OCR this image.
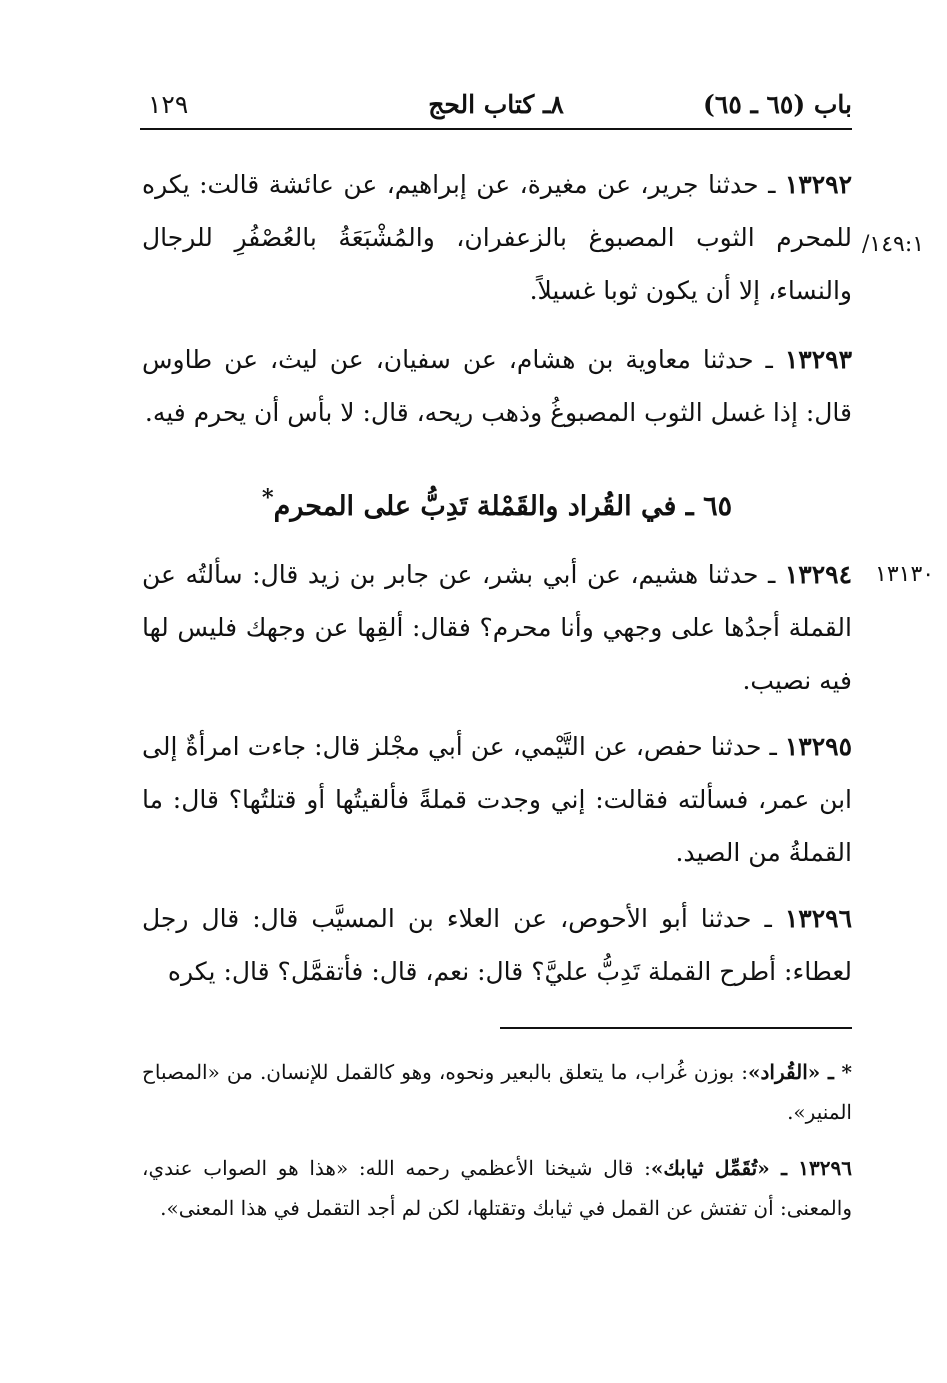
باب (٦٥ ـ ٦٥)
٨ـ كتاب الحج
١٢٩
١٤٩:١/
١٣١٣٠
١٣٢٩٢ ـ حدثنا جرير، عن مغيرة، عن إبراهيم، عن عائشة قالت: يكره للمحرم الثوب المصبوغ بالزعفران، والمُشْبَعَةُ بالعُصْفُرِ للرجال والنساء، إلا أن يكون ثوبا غسيلاً.
١٣٢٩٣ ـ حدثنا معاوية بن هشام، عن سفيان، عن ليث، عن طاوس قال: إذا غسل الثوب المصبوغُ وذهب ريحه، قال: لا بأس أن يحرم فيه.
٦٥ ـ في القُراد والقَمْلة تَدِبُّ على المحرم*
١٣٢٩٤ ـ حدثنا هشيم، عن أبي بشر، عن جابر بن زيد قال: سألتُه عن القملة أجدُها على وجهي وأنا محرم؟ فقال: ألقِها عن وجهك فليس لها فيه نصيب.
١٣٢٩٥ ـ حدثنا حفص، عن التَّيْمي، عن أبي مجْلز قال: جاءت امرأةٌ إلى ابن عمر، فسألته فقالت: إني وجدت قملةً فألقيتُها أو قتلتُها؟ قال: ما القملةُ من الصيد.
١٣٢٩٦ ـ حدثنا أبو الأحوص، عن العلاء بن المسيَّب قال: قال رجل لعطاء: أطرح القملة تَدِبُّ عليَّ؟ قال: نعم، قال: فأتقمَّل؟ قال: يكره
* ـ «القُراد»: بوزن غُراب، ما يتعلق بالبعير ونحوه، وهو كالقمل للإنسان. من «المصباح المنير».
١٣٢٩٦ ـ «تُقَمِّل ثيابك»: قال شيخنا الأعظمي رحمه الله: «هذا هو الصواب عندي، والمعنى: أن تفتش عن القمل في ثيابك وتقتلها، لكن لم أجد التقمل في هذا المعنى».
